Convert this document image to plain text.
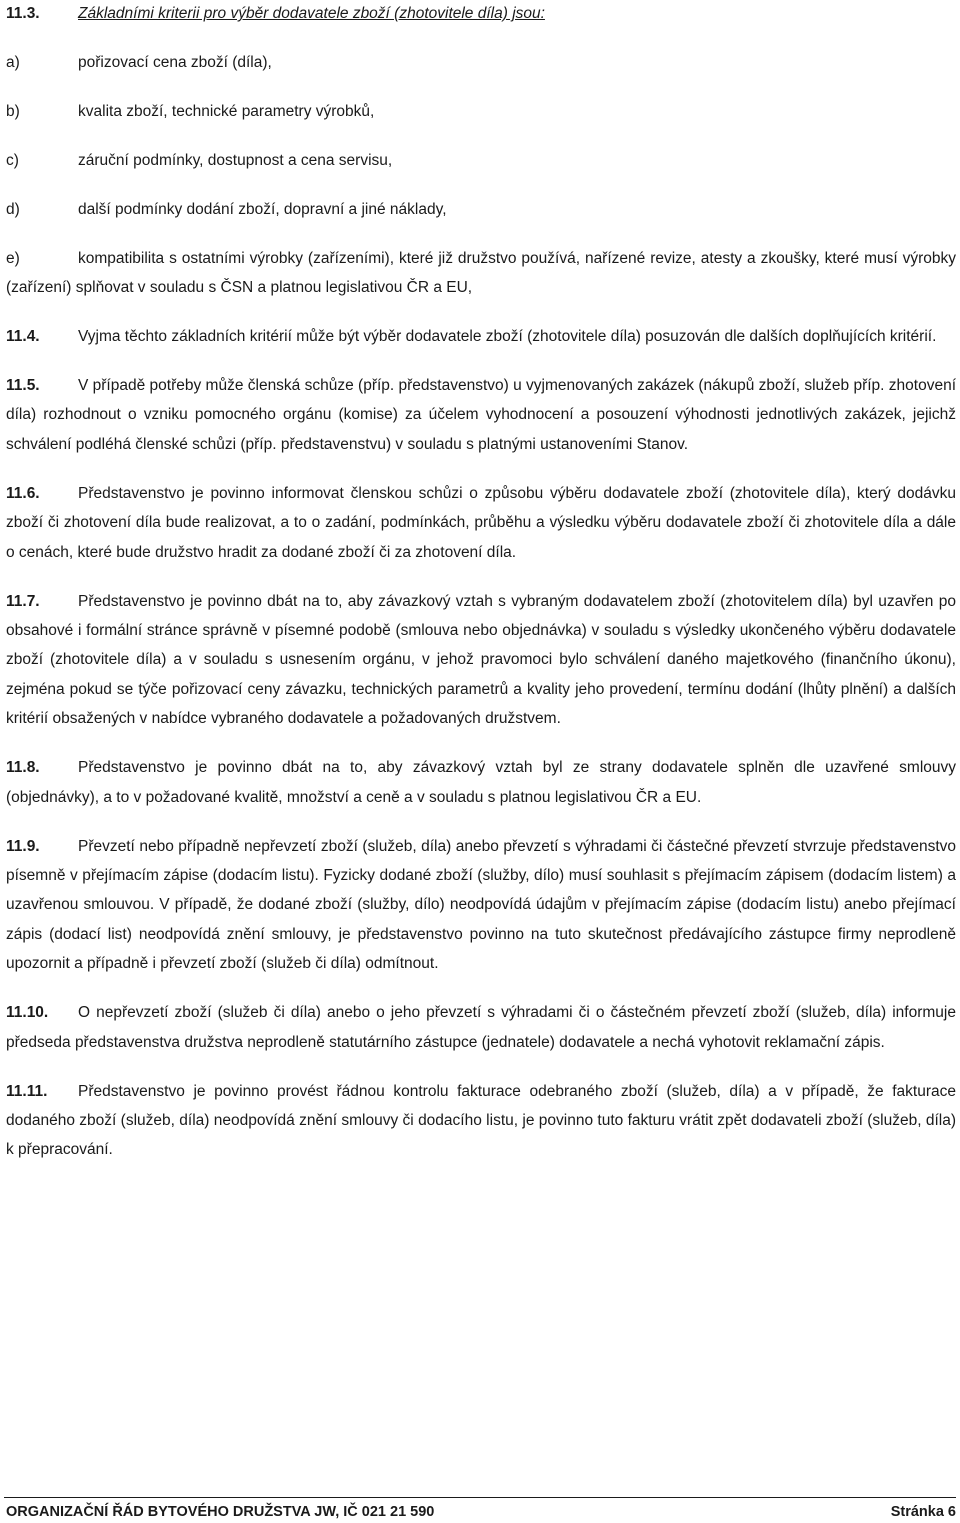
11.3. Základními kriterii pro výběr dodavatele zboží (zhotovitele díla) jsou:
a)	pořizovací cena zboží (díla),
b)	kvalita zboží, technické parametry výrobků,
c)	záruční podmínky, dostupnost a cena servisu,
d)	další podmínky dodání zboží, dopravní a jiné náklady,
e)	kompatibilita s ostatními výrobky (zařízeními), které již družstvo používá, nařízené revize, atesty a zkoušky, které musí výrobky (zařízení) splňovat v souladu s ČSN a platnou legislativou ČR a EU,
11.4. Vyjma těchto základních kritérií může být výběr dodavatele zboží (zhotovitele díla) posuzován dle dalších doplňujících kritérií.
11.5. V případě potřeby může členská schůze (příp. představenstvo) u vyjmenovaných zakázek (nákupů zboží, služeb příp. zhotovení díla) rozhodnout o vzniku pomocného orgánu (komise) za účelem vyhodnocení a posouzení výhodnosti jednotlivých zakázek, jejichž schválení podléhá členské schůzi (příp. představenstvu) v souladu s platnými ustanoveními Stanov.
11.6. Představenstvo je povinno informovat členskou schůzi o způsobu výběru dodavatele zboží (zhotovitele díla), který dodávku zboží či zhotovení díla bude realizovat, a to o zadání, podmínkách, průběhu a výsledku výběru dodavatele zboží či zhotovitele díla a dále o cenách, které bude družstvo hradit za dodané zboží či za zhotovení díla.
11.7. Představenstvo je povinno dbát na to, aby závazkový vztah s vybraným dodavatelem zboží (zhotovitelem díla) byl uzavřen po obsahové i formální stránce správně v písemné podobě (smlouva nebo objednávka) v souladu s výsledky ukončeného výběru dodavatele zboží (zhotovitele díla) a v souladu s usnesením orgánu, v jehož pravomoci bylo schválení daného majetkového (finančního úkonu), zejména pokud se týče pořizovací ceny závazku, technických parametrů a kvality jeho provedení, termínu dodání (lhůty plnění) a dalších kritérií obsažených v nabídce vybraného dodavatele a požadovaných družstvem.
11.8. Představenstvo je povinno dbát na to, aby závazkový vztah byl ze strany dodavatele splněn dle uzavřené smlouvy (objednávky), a to v požadované kvalitě, množství a ceně a v souladu s platnou legislativou ČR a EU.
11.9. Převzetí nebo případně nepřevzetí zboží (služeb, díla) anebo převzetí s výhradami či částečné převzetí stvrzuje představenstvo písemně v přejímacím zápise (dodacím listu). Fyzicky dodané zboží (služby, dílo) musí souhlasit s přejímacím zápisem (dodacím listem) a uzavřenou smlouvou. V případě, že dodané zboží (služby, dílo) neodpovídá údajům v přejímacím zápise (dodacím listu) anebo přejímací zápis (dodací list) neodpovídá znění smlouvy, je představenstvo povinno na tuto skutečnost předávajícího zástupce firmy neprodleně upozornit a případně i převzetí zboží (služeb či díla) odmítnout.
11.10. O nepřevzetí zboží (služeb či díla) anebo o jeho převzetí s výhradami či o částečném převzetí zboží (služeb, díla) informuje předseda představenstva družstva neprodleně statutárního zástupce (jednatele) dodavatele a nechá vyhotovit reklamační zápis.
11.11. Představenstvo je povinno provést řádnou kontrolu fakturace odebraného zboží (služeb, díla) a v případě, že fakturace dodaného zboží (služeb, díla) neodpovídá znění smlouvy či dodacího listu, je povinno tuto fakturu vrátit zpět dodavateli zboží (služeb, díla) k přepracování.
ORGANIZAČNÍ ŘÁD BYTOVÉHO DRUŽSTVA JW, IČ 021 21 590	Stránka 6
